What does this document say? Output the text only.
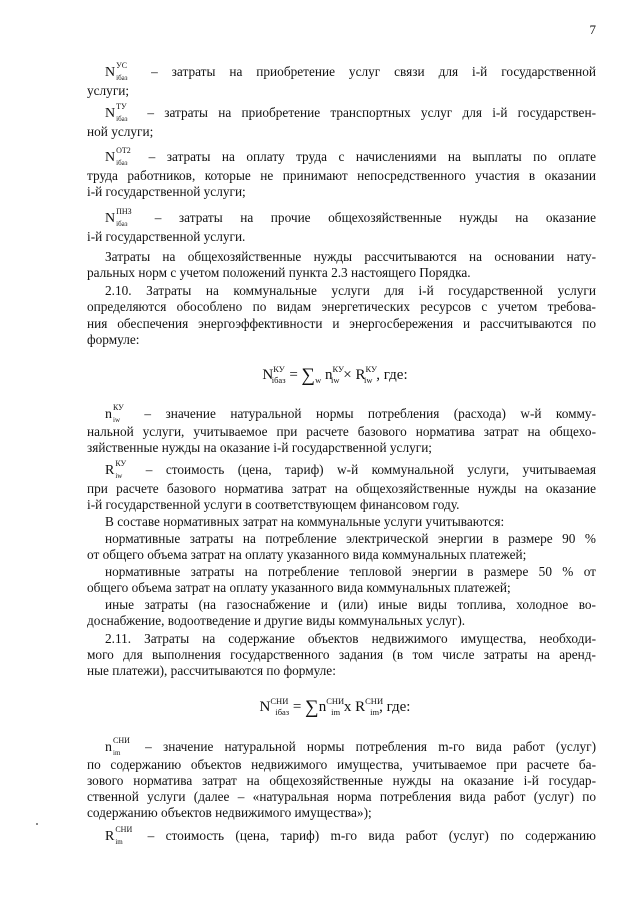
7
N УС
iбаз – затраты на приобретение услуг связи для i-й государственной
услуги;
N ТУ
iбаз – затраты на приобретение транспортных услуг для i-й государствен-
ной услуги;
N ОТ2
iбаз – затраты на оплату труда с начислениями на выплаты по оплате
труда работников, которые не принимают непосредственного участия в оказании
i-й государственной услуги;
N ПНЗ
iбаз – затраты на прочие общехозяйственные нужды на оказание
i-й государственной услуги.
Затраты на общехозяйственные нужды рассчитываются на основании нату-
ральных норм с учетом положений пункта 2.3 настоящего Порядка.
2.10. Затраты на коммунальные услуги для i-й государственной услуги
определяются обособлено по видам энергетических ресурсов с учетом требова-
ния обеспечения энергоэффективности и энергосбережения и рассчитываются по
формуле:
$N^{КУ}_{iбаз} = \sum_w$ $n^{КУ}_{iw} \times R^{КУ}_{iw}$ , где:
n КУ
iw – значение натуральной нормы потребления (расхода) w-й комму-
нальной услуги, учитываемое при расчете базового норматива затрат на общехо-
зяйственные нужды на оказание i-й государственной услуги;
R КУ
iw – стоимость (цена, тариф) w-й коммунальной услуги, учитываемая
при расчете базового норматива затрат на общехозяйственные нужды на оказание
i-й государственной услуги в соответствующем финансовом году.
В составе нормативных затрат на коммунальные услуги учитываются:
нормативные затраты на потребление электрической энергии в размере 90 %
от общего объема затрат на оплату указанного вида коммунальных платежей;
нормативные затраты на потребление тепловой энергии в размере 50 % от
общего объема затрат на оплату указанного вида коммунальных платежей;
иные затраты (на газоснабжение и (или) иные виды топлива, холодное во-
доснабжение, водоотведение и другие виды коммунальных услуг).
2.11. Затраты на содержание объектов недвижимого имущества, необходи-
мого для выполнения государственного задания (в том числе затраты на аренд-
ные платежи), рассчитываются по формуле:
$N^{СНИ}_{iбаз} = \sum n^{СНИ}_{im}$ x $R^{СНИ}_{im}$, где:
n СНИ
im – значение натуральной нормы потребления m-го вида работ (услуг)
по содержанию объектов недвижимого имущества, учитываемое при расчете ба-
зового норматива затрат на общехозяйственные нужды на оказание i-й государ-
ственной услуги (далее – «натуральная норма потребления вида работ (услуг) по
содержанию объектов недвижимого имущества»);
R СНИ
im – стоимость (цена, тариф) m-го вида работ (услуг) по содержанию
